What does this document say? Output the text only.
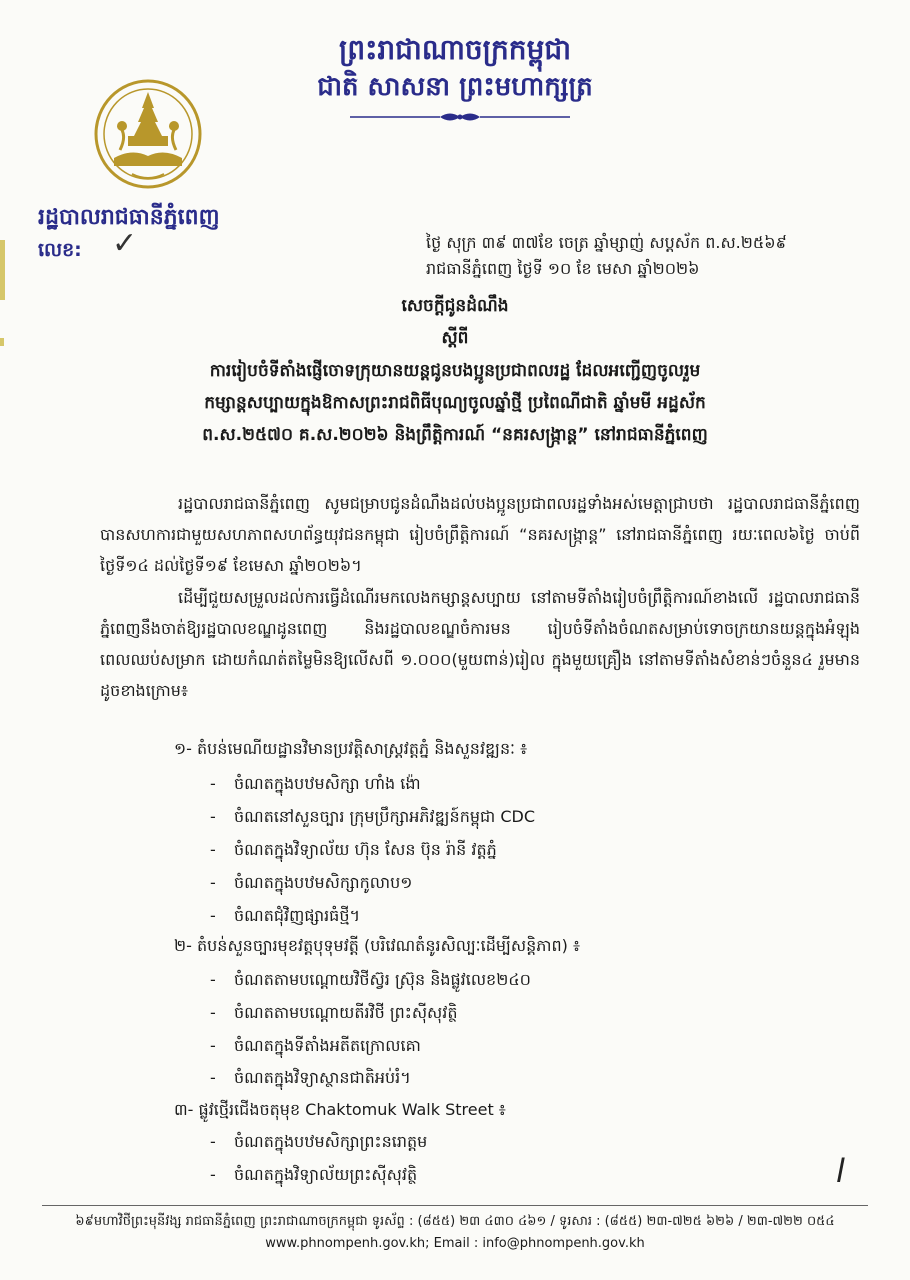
ព្រះរាជាណាចក្រកម្ពុជា
ជាតិ សាសនា ព្រះមហាក្សត្រ
រដ្ឋបាលរាជធានីភ្នំពេញ
លេខ: ✓	ថ្ងៃ សុក្រ ៣៩ ៣៧ខែ ចេត្រ ឆ្នាំម្សាញ់ សប្តស័ក ព.ស.២៥៦៩
រាជធានីភ្នំពេញ ថ្ងៃទី ១០ ខែ មេសា ឆ្នាំ២០២៦
សេចក្តីជូនដំណឹង
ស្តីពី
ការរៀបចំទីតាំងផ្ញើចោទក្រុយានយន្តជូនបងប្អូនប្រជាពលរដ្ឋ ដែលអញ្ជើញចូលរួម
កម្សាន្តសប្បាយក្នុងឱកាសព្រះរាជពិធីបុណ្យចូលឆ្នាំថ្មី ប្រពៃណីជាតិ ឆ្នាំមមី អដ្ឋស័ក
ព.ស.២៥៧០ គ.ស.២០២៦ និងព្រឹត្តិការណ៍ “នគរសង្ក្រាន្ត” នៅរាជធានីភ្នំពេញ
រដ្ឋបាលរាជធានីភ្នំពេញ សូមជម្រាបជូនដំណឹងដល់បងប្អូនប្រជាពលរដ្ឋទាំងអស់មេត្តាជ្រាបថា រដ្ឋបាលរាជធានីភ្នំពេញបានសហការជាមួយសហភាពសហព័ន្ធយុវជនកម្ពុជា រៀបចំព្រឹត្តិការណ៍ “នគរសង្ក្រាន្ត” នៅរាជធានីភ្នំពេញ រយៈពេល៦ថ្ងៃ ចាប់ពីថ្ងៃទី១៤ ដល់ថ្ងៃទី១៩ ខែមេសា ឆ្នាំ២០២៦។
ដើម្បីជួយសម្រួលដល់ការធ្វើដំណើរមកលេងកម្សាន្តសប្បាយ នៅតាមទីតាំងរៀបចំព្រឹត្តិការណ៍ខាងលើ រដ្ឋបាលរាជធានីភ្នំពេញនឹងចាត់ឱ្យរដ្ឋបាលខណ្ឌដូនពេញ និងរដ្ឋបាលខណ្ឌចំការមន រៀបចំទីតាំងចំណតសម្រាប់ទោចក្រយានយន្តក្នុងអំឡុងពេលឈប់សម្រាក ដោយកំណត់តម្លៃមិនឱ្យលើសពី ១.០០០(មួយពាន់)រៀល ក្នុងមួយគ្រឿង នៅតាមទីតាំងសំខាន់ៗចំនួន៤ រួមមានដូចខាងក្រោម៖
១- តំបន់មេណីយដ្ឋានវិមានប្រវត្តិសាស្ត្រវត្តភ្នំ និងសួនវឌ្ឍនៈ ៖
- ចំណតក្នុងបឋមសិក្សា ហាំង ង៉ោ
- ចំណតនៅសួនច្បារ ក្រុមប្រឹក្សាអភិវឌ្ឍន៍កម្ពុជា CDC
- ចំណតក្នុងវិទ្យាល័យ ហ៊ុន សែន ប៊ុន រ៉ានី វត្តភ្នំ
- ចំណតក្នុងបឋមសិក្សាកូលាប១
- ចំណតជុំវិញផ្សារធំថ្មី។
២- តំបន់សួនច្បារមុខវត្តបុទុមវត្តី (បរិវេណតំនូរសិល្បៈដើម្បីសន្តិភាព) ៖
- ចំណតតាមបណ្តោយវិថីស៊្វរ ស្រ៊ុន និងផ្លូវលេខ២៤០
- ចំណតតាមបណ្តោយតីរវិថី ព្រះស៊ីសុវត្ថិ
- ចំណតក្នុងទីតាំងអតីតក្រោលគោ
- ចំណតក្នុងវិទ្យាស្ថានជាតិអប់រំ។
៣- ផ្លូវថ្មើរជើងចតុមុខ Chaktomuk Walk Street ៖
- ចំណតក្នុងបឋមសិក្សាព្រះនរោត្តម
- ចំណតក្នុងវិទ្យាល័យព្រះស៊ីសុវត្ថិ	l
៦៩មហាវិថីព្រះមុនីវង្ស រាជធានីភ្នំពេញ ព្រះរាជាណាចក្រកម្ពុជា ទូរស័ព្ទ : (៨៥៥) ២៣ ៤៣០ ៤៦១ / ទូរសារ : (៨៥៥) ២៣-៧២៥ ៦២៦ / ២៣-៧២២ ០៥៤
www.phnompenh.gov.kh; Email : info@phnompenh.gov.kh
